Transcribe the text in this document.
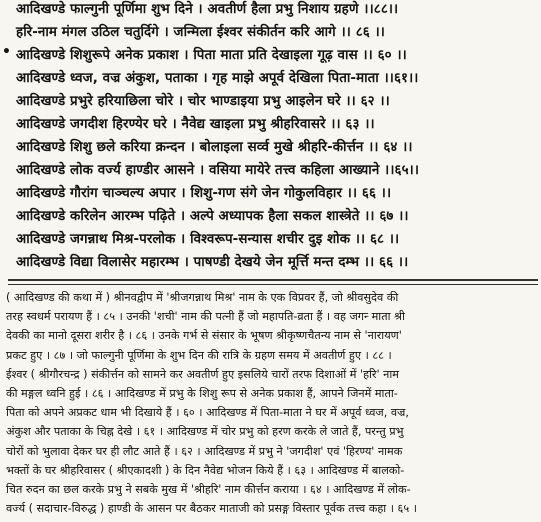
•
आदिखण्डे फाल्गुनी पूर्णिमा शुभ दिने । अवतीर्ण हैला प्रभु निशाय ग्रहणे ।।८८।।
हरि-नाम मंगल उठिल चतुर्दिगे । जन्मिला ईश्वर संकीर्तन करि आगे ।। ८६ ।।
आदिखण्डे शिशुरूपे अनेक प्रकाश । पिता माता प्रति देखाइला गूढ़ वास ।। ६० ।।
आदिखण्डे ध्वज, वज्र अंकुश, पताका । गृह माझे अपूर्व देखिला पिता-माता ।।६१।।
आदिखण्डे प्रभुरे हरियाछिला चोरे । चोर भाण्डाइया प्रभु आइलेन घरे ।। ६२ ।।
आदिखण्डे जगदीश हिरण्येर घरे । नैवेद्य खाइला प्रभु श्रीहरिवासरे ।। ६३ ।।
आदिखण्डे शिशु छले करिया क्रन्दन । बोलाइला सर्व्व मुखे श्रीहरि-कीर्त्तन ।। ६४ ।।
आदिखण्डे लोक वर्ज्य हाण्डीर आसने । वसिया मायेरे तत्त्व कहिला आख्याने ।।६५।।
आदिखण्डे गौरांग चाञ्चल्य अपार । शिशु-गण संगे जेन गोकुलविहार ।। ६६ ।।
आदिखण्डे करिलेन आरम्भ पढ़िते । अल्पे अध्यापक हैला सकल शास्त्रेते ।। ६७ ।।
आदिखण्डे जगन्नाथ मिश्र-परलोक । विश्वरूप-सन्यास शचीर दुइ शोक ।। ६८ ।।
आदिखण्डे विद्या विलासेर महारम्भ । पाषण्डी देखये जेन मूर्त्ति मन्त दम्भ ।। ६६ ।।
( आदिखण्ड की कथा में ) श्रीनवद्वीप में 'श्रीजगन्नाथ मिश्र' नाम के एक विप्रवर हैं, जो श्रीवसुदेव की
तरह स्वधर्म परायण हैं । ८५ । उनकी 'शची' नाम की पत्नी हैं जो महापति-व्रता हैं । वह जगन्‍ माता श्री
देवकी का मानो दूसरा शरीर है । ८६ । उनके गर्भ से संसार के भूषण श्रीकृष्णचैतन्य नाम से 'नारायण'
प्रकट हुए । ८७ । जो फाल्गुनी पूर्णिमा के शुभ दिन की रात्रि के ग्रहण समय में अवतीर्ण हुए । ८८ ।
ईश्वर ( श्रीगौरचन्द्र ) संकीर्त्तन को सामने कर अवतीर्ण हुए इसलिये चारों तरफ दिशाओं में 'हरि' नाम
की मङ्गल ध्वनि हुई । ८६ । आदिखण्ड में प्रभु के शिशु रूप से अनेक प्रकाश हैं, आपने जिनमें माता-
पिता को अपने अप्रकट धाम भी दिखाये हैं । ६० । आदिखण्ड में पिता-माता ने घर में अपूर्व ध्वज, वज्र,
अंकुश और पताका के चिह्न देखे । ६१ । आदिखण्ड में चोर प्रभु को हरण करके ले जाते हैं, परन्तु प्रभु
चोरों को भुलावा देकर घर ही लौट आते हैं । ६२ । आदिखण्ड में प्रभु ने 'जगदीश' एवं 'हिरण्य' नामक
भक्तों के घर श्रीहरिवासर ( श्रीएकादशी ) के दिन नैवेद्य भोजन किये हैं । ६३ । आदिखण्ड में बालको-
चित रुदन का छल करके प्रभु ने सबके मुख में 'श्रीहरि' नाम कीर्त्तन कराया । ६४ । आदिखण्ड में लोक-
वर्ज्य ( सदाचार-विरुद्ध ) हाण्डी के आसन पर बैठकर माताजी को प्रसङ्ग विस्तार पूर्वक तत्त्व कहा । ६५ ।
